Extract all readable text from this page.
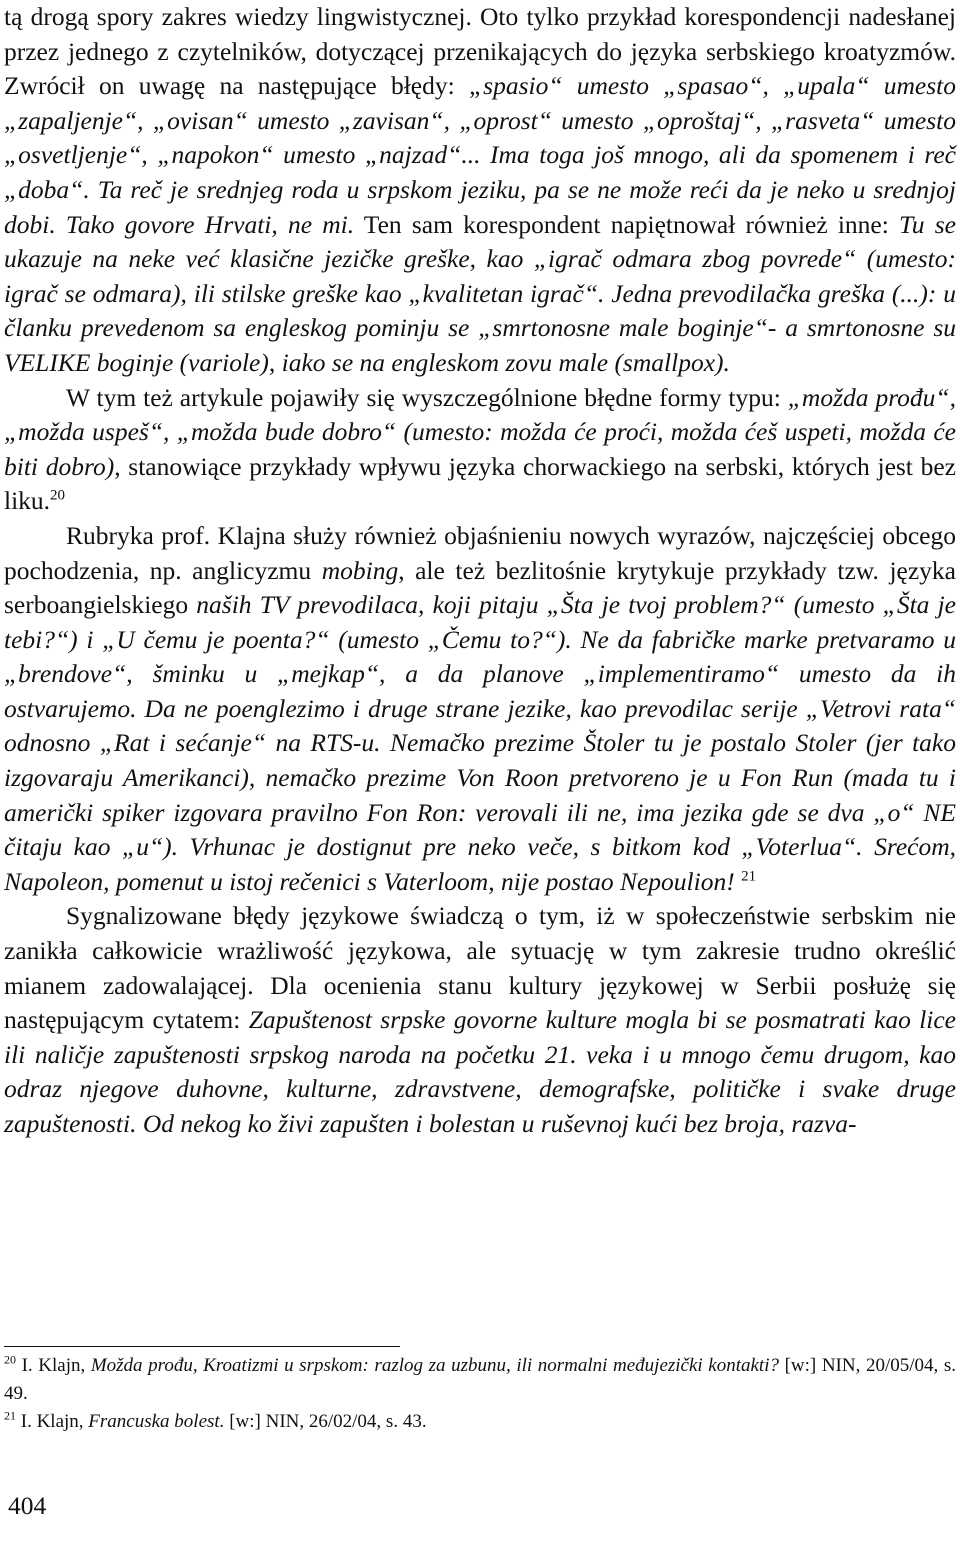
tą drogą spory zakres wiedzy lingwistycznej. Oto tylko przykład korespondencji nadesłanej przez jednego z czytelników, dotyczącej przenikających do języka serbskiego kroatyzmów. Zwrócił on uwagę na następujące błędy: „spasio“ umesto „spasao“, „upala“ umesto „zapaljenje“, „ovisan“ umesto „zavisan“, „oprost“ umesto „oproštaj“, „rasveta“ umesto „osvetljenje“, „napokon“ umesto „najzad“... Ima toga još mnogo, ali da spomenem i reč „doba“. Ta reč je srednjeg roda u srpskom jeziku, pa se ne može reći da je neko u srednjoj dobi. Tako govore Hrvati, ne mi. Ten sam korespondent napiętnował również inne: Tu se ukazuje na neke već klasične jezičke greške, kao „igrač odmara zbog povrede“ (umesto: igrač se odmara), ili stilske greške kao „kvalitetan igrač“. Jedna prevodilačka greška (...): u članku prevedenom sa engleskog pominju se „smrtonosne male boginje“- a smrtonosne su VELIKE boginje (variole), iako se na engleskom zovu male (smallpox).

W tym też artykule pojawiły się wyszczególnione błędne formy typu: „možda prođu“, „možda uspeš“, „možda bude dobro“ (umesto: možda će proći, možda ćeš uspeti, možda će biti dobro), stanowiące przykłady wpływu języka chorwackiego na serbski, których jest bez liku.$^{20}$

Rubryka prof. Klajna służy również objaśnieniu nowych wyrazów, najczęściej obcego pochodzenia, np. anglicyzmu mobing, ale też bezlitośnie krytykuje przykłady tzw. języka serboangielskiego naših TV prevodilaca, koji pitaju „Šta je tvoj problem?“ (umesto „Šta je tebi?“) i „U čemu je poenta?“ (umesto „Čemu to?“). Ne da fabričke marke pretvaramo u „brendove“, šminku u „mejkap“, a da planove „implementiramo“ umesto da ih ostvarujemo. Da ne poenglezimo i druge strane jezike, kao prevodilac serije „Vetrovi rata“ odnosno „Rat i sećanje“ na RTS-u. Nemačko prezime Štoler tu je postalo Stoler (jer tako izgovaraju Amerikanci), nemačko prezime Von Roon pretvoreno je u Fon Run (mada tu i američki spiker izgovara pravilno Fon Ron: verovali ili ne, ima jezika gde se dva „o“ NE čitaju kao „u“). Vrhunac je dostignut pre neko veče, s bitkom kod „Voterlua“. Srećom, Napoleon, pomenut u istoj rečenici s Vaterloom, nije postao Nepoulion! $^{21}$

Sygnalizowane błędy językowe świadczą o tym, iż w społeczeństwie serbskim nie zanikła całkowicie wrażliwość językowa, ale sytuację w tym zakresie trudno określić mianem zadowalającej. Dla ocenienia stanu kultury językowej w Serbii posłużę się następującym cytatem: Zapuštenost srpske govorne kulture mogla bi se posmatrati kao lice ili naličje zapuštenosti srpskog naroda na početku 21. veka i u mnogo čemu drugom, kao odraz njegove duhovne, kulturne, zdravstvene, demografske, političke i svake druge zapuštenosti. Od nekog ko živi zapušten i bolestan u ruševnoj kući bez broja, razva-

$^{20}$ I. Klajn, Možda prođu, Kroatizmi u srpskom: razlog za uzbunu, ili normalni međujezički kontakti? [w:] NIN, 20/05/04, s. 49.

$^{21}$ I. Klajn, Francuska bolest. [w:] NIN, 26/02/04, s. 43.

404
